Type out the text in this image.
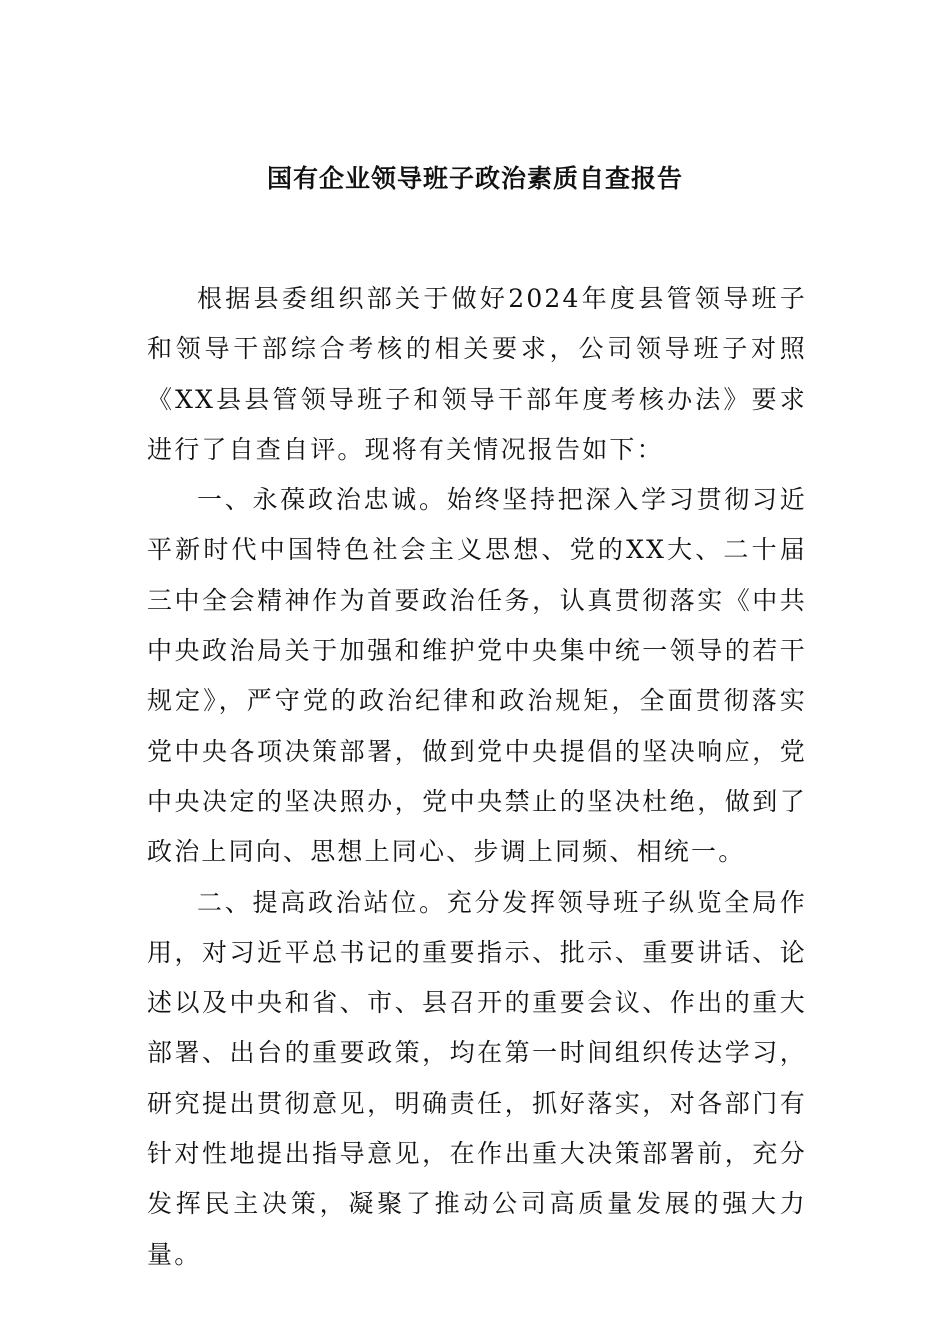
国有企业领导班子政治素质自查报告

根据县委组织部关于做好2024年度县管领导班子和领导干部综合考核的相关要求，公司领导班子对照《XX县县管领导班子和领导干部年度考核办法》要求进行了自查自评。现将有关情况报告如下：

一、永葆政治忠诚。始终坚持把深入学习贯彻习近平新时代中国特色社会主义思想、党的XX大、二十届三中全会精神作为首要政治任务，认真贯彻落实《中共中央政治局关于加强和维护党中央集中统一领导的若干规定》，严守党的政治纪律和政治规矩，全面贯彻落实党中央各项决策部署，做到党中央提倡的坚决响应，党中央决定的坚决照办，党中央禁止的坚决杜绝，做到了政治上同向、思想上同心、步调上同频、相统一。

二、提高政治站位。充分发挥领导班子纵览全局作用，对习近平总书记的重要指示、批示、重要讲话、论述以及中央和省、市、县召开的重要会议、作出的重大部署、出台的重要政策，均在第一时间组织传达学习，研究提出贯彻意见，明确责任，抓好落实，对各部门有针对性地提出指导意见，在作出重大决策部署前，充分发挥民主决策，凝聚了推动公司高质量发展的强大力量。
